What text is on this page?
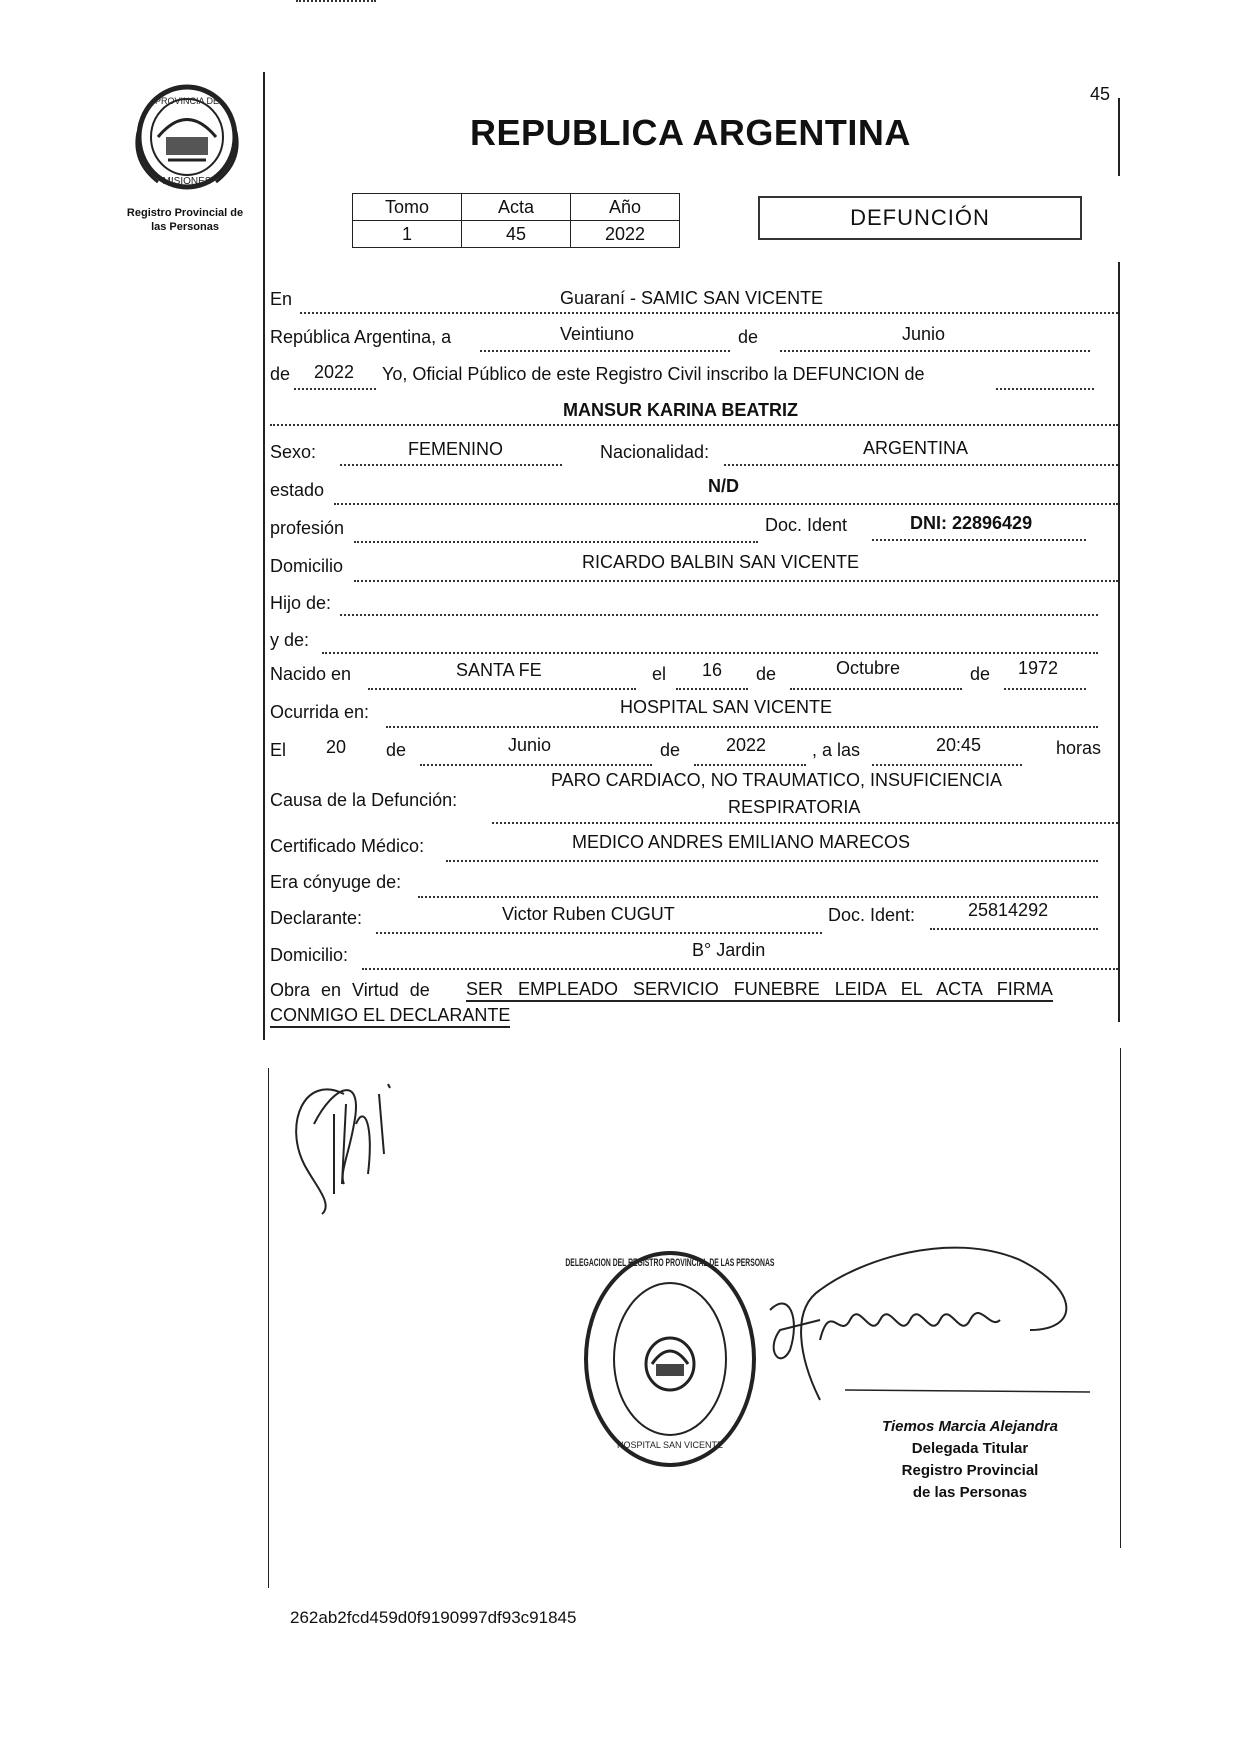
PROVINCIA DE
MISIONES
Registro Provincial de
las Personas
45
REPUBLICA ARGENTINA
Tomo	Acta	Año
1	45	2022
DEFUNCIÓN
En	Guaraní - SAMIC SAN VICENTE
República Argentina, a	Veintiuno	de	Junio
de 2022 Yo, Oficial Público de este Registro Civil inscribo la DEFUNCION de
MANSUR KARINA BEATRIZ
Sexo:	FEMENINO	Nacionalidad:	ARGENTINA
estado	N/D
profesión	Doc. Ident	DNI: 22896429
Domicilio	RICARDO BALBIN SAN VICENTE
Hijo de:
y de:
Nacido en	SANTA FE	el 16 de	Octubre	de 1972
Ocurrida en:	HOSPITAL SAN VICENTE
El 20 de	Junio	de	2022	, a las	20:45	horas
PARO CARDIACO, NO TRAUMATICO, INSUFICIENCIA
Causa de la Defunción:	RESPIRATORIA
Certificado Médico:	MEDICO ANDRES EMILIANO MARECOS
Era cónyuge de:
Declarante:	Victor Ruben CUGUT	Doc. Ident:	25814292
Domicilio:	B° Jardin
Obra en Virtud de SER EMPLEADO SERVICIO FUNEBRE LEIDA EL ACTA FIRMA
CONMIGO EL DECLARANTE
DELEGACION DEL REGISTRO PROVINCIAL DE LAS PERSONAS
HOSPITAL SAN VICENTE
Tiemos Marcia Alejandra
Delegada Titular
Registro Provincial
de las Personas
262ab2fcd459d0f9190997df93c91845
